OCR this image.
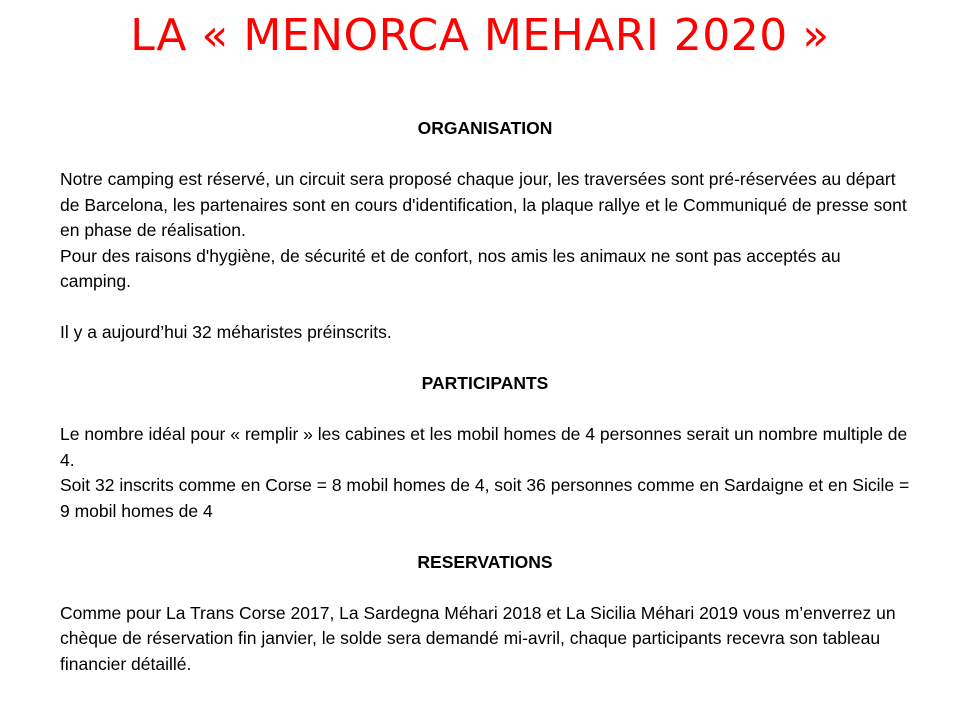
LA « MENORCA MEHARI 2020 »

ORGANISATION

Notre camping est réservé, un circuit sera proposé chaque jour, les traversées sont pré-réservées au départ de Barcelona, les partenaires sont en cours d'identification, la plaque rallye et le Communiqué de presse sont en phase de réalisation.

Pour des raisons d'hygiène, de sécurité et de confort, nos amis les animaux ne sont pas acceptés au camping.

Il y a aujourd’hui 32 méharistes préinscrits.

PARTICIPANTS

Le nombre idéal pour « remplir » les cabines et les mobil homes de 4 personnes serait un nombre multiple de 4.

Soit 32 inscrits comme en Corse = 8 mobil homes de 4, soit 36 personnes comme en Sardaigne et en Sicile = 9 mobil homes de 4

RESERVATIONS

Comme pour La Trans Corse 2017, La Sardegna Méhari 2018 et La Sicilia Méhari 2019 vous m’enverrez un chèque de réservation fin janvier, le solde sera demandé mi-avril, chaque participants recevra son tableau financier détaillé.
